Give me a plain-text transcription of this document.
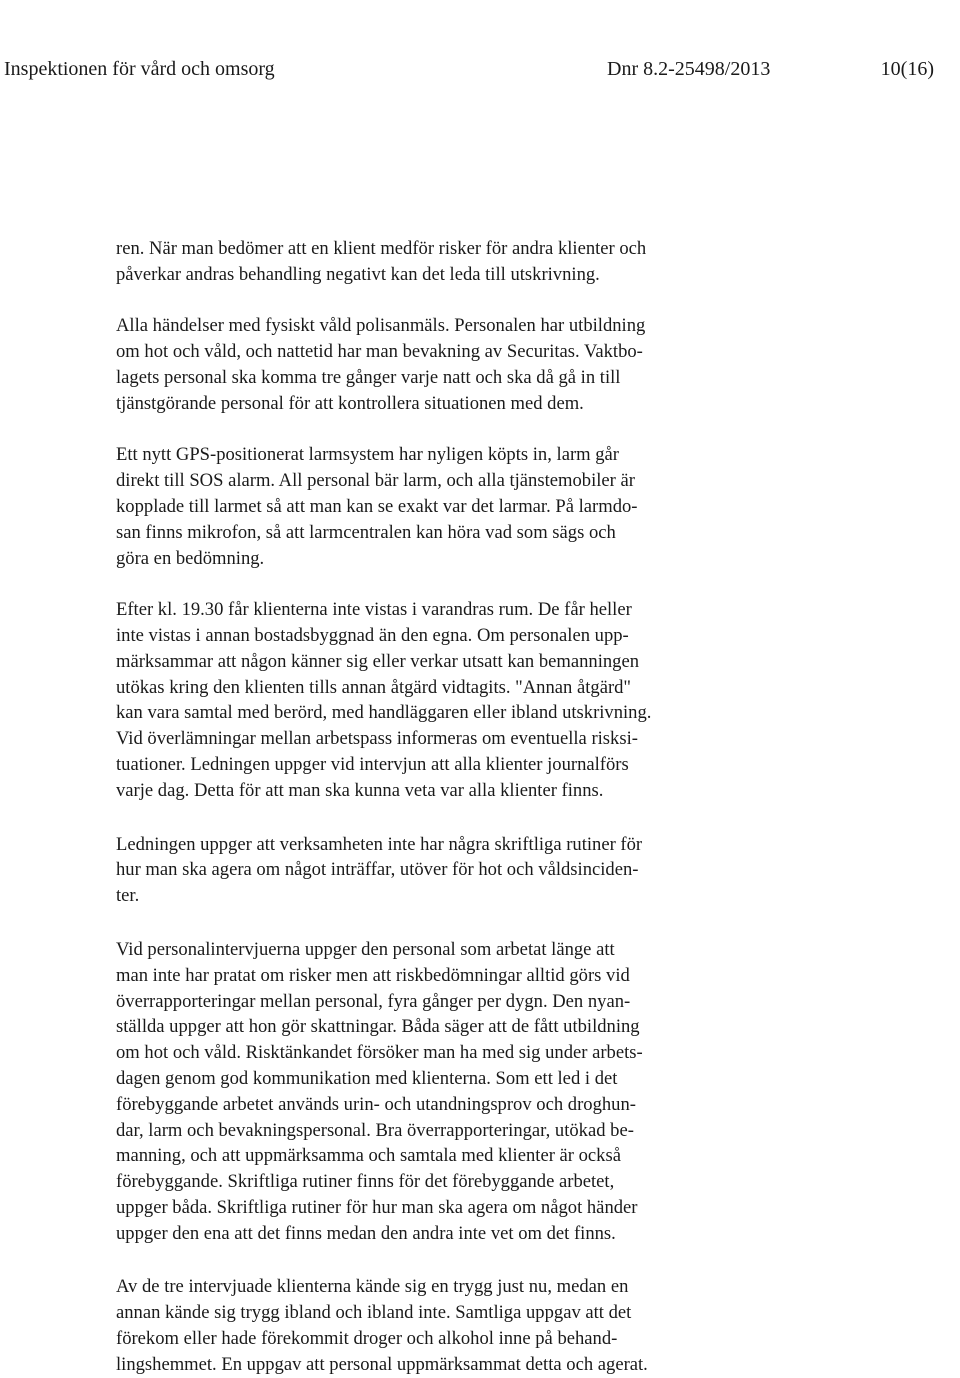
Inspektionen för vård och omsorg	Dnr 8.2-25498/2013	10(16)

ren. När man bedömer att en klient medför risker för andra klienter och
påverkar andras behandling negativt kan det leda till utskrivning.

Alla händelser med fysiskt våld polisanmäls. Personalen har utbildning
om hot och våld, och nattetid har man bevakning av Securitas. Vaktbo-
lagets personal ska komma tre gånger varje natt och ska då gå in till
tjänstgörande personal för att kontrollera situationen med dem.

Ett nytt GPS-positionerat larmsystem har nyligen köpts in, larm går
direkt till SOS alarm. All personal bär larm, och alla tjänstemobiler är
kopplade till larmet så att man kan se exakt var det larmar. På larmdo-
san finns mikrofon, så att larmcentralen kan höra vad som sägs och
göra en bedömning.

Efter kl. 19.30 får klienterna inte vistas i varandras rum. De får heller
inte vistas i annan bostadsbyggnad än den egna. Om personalen upp-
märksammar att någon känner sig eller verkar utsatt kan bemanningen
utökas kring den klienten tills annan åtgärd vidtagits. "Annan åtgärd"
kan vara samtal med berörd, med handläggaren eller ibland utskrivning.
Vid överlämningar mellan arbetspass informeras om eventuella risksi-
tuationer. Ledningen uppger vid intervjun att alla klienter journalförs
varje dag. Detta för att man ska kunna veta var alla klienter finns.

Ledningen uppger att verksamheten inte har några skriftliga rutiner för
hur man ska agera om något inträffar, utöver för hot och våldsinciden-
ter.

Vid personalintervjuerna uppger den personal som arbetat länge att
man inte har pratat om risker men att riskbedömningar alltid görs vid
överrapporteringar mellan personal, fyra gånger per dygn. Den nyan-
ställda uppger att hon gör skattningar. Båda säger att de fått utbildning
om hot och våld. Risktänkandet försöker man ha med sig under arbets-
dagen genom god kommunikation med klienterna. Som ett led i det
förebyggande arbetet används urin- och utandningsprov och droghun-
dar, larm och bevakningspersonal. Bra överrapporteringar, utökad be-
manning, och att uppmärksamma och samtala med klienter är också
förebyggande. Skriftliga rutiner finns för det förebyggande arbetet,
uppger båda. Skriftliga rutiner för hur man ska agera om något händer
uppger den ena att det finns medan den andra inte vet om det finns.

Av de tre intervjuade klienterna kände sig en trygg just nu, medan en
annan kände sig trygg ibland och ibland inte. Samtliga uppgav att det
förekom eller hade förekommit droger och alkohol inne på behand-
lingshemmet. En uppgav att personal uppmärksammat detta och agerat.
